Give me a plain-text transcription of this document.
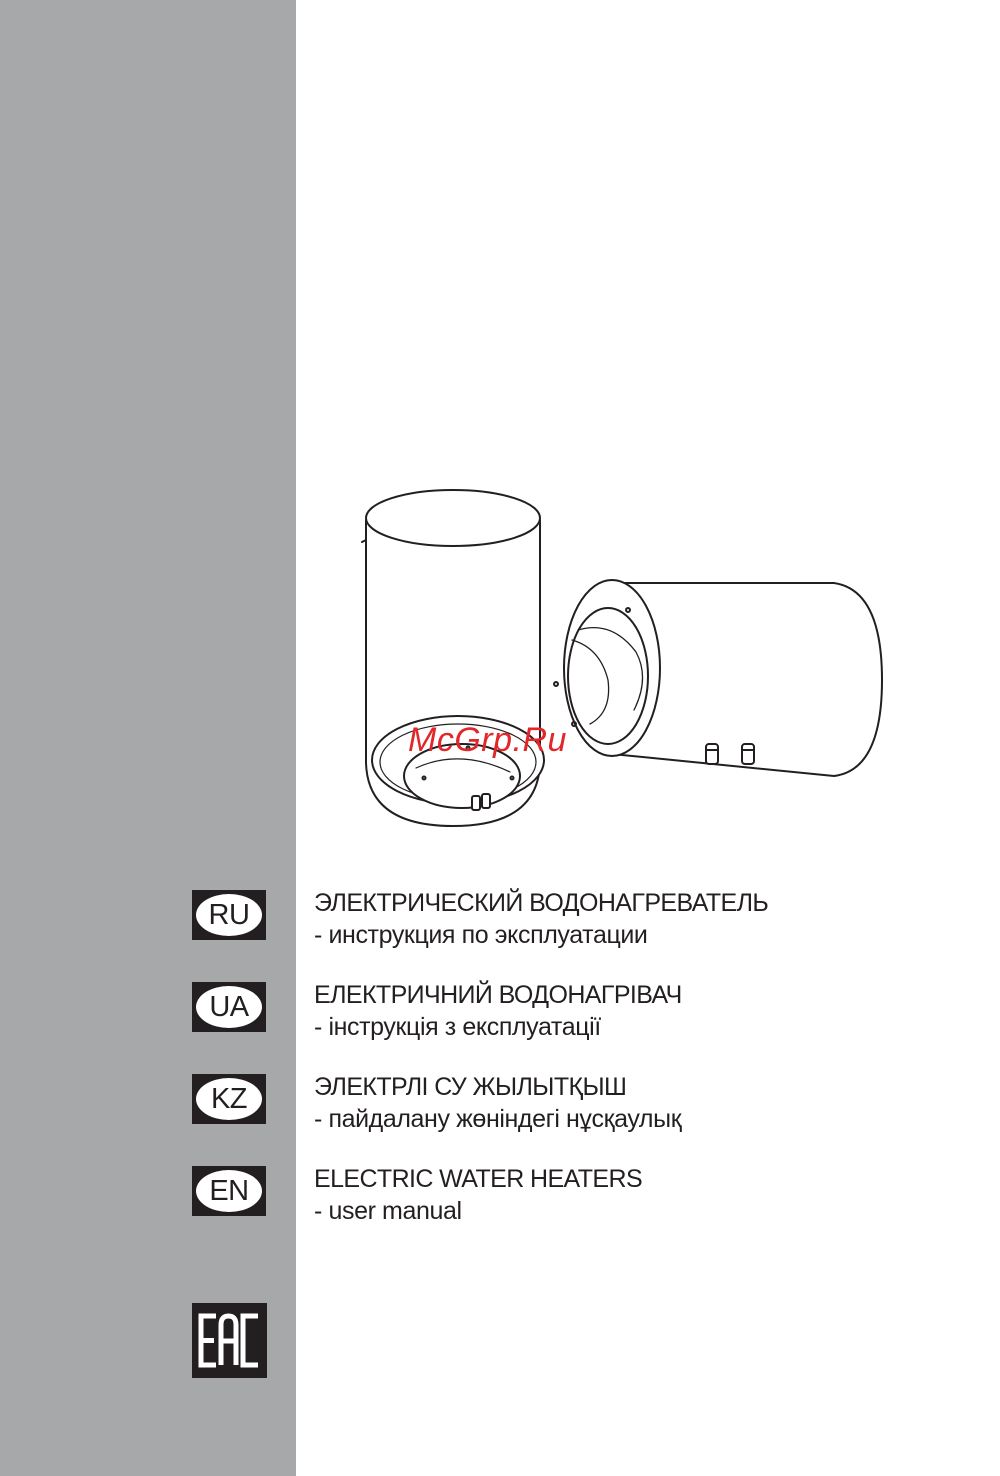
McGrp.Ru
RU	ЭЛЕКТРИЧЕСКИЙ ВОДОНАГРЕВАТЕЛЬ
- инструкция по эксплуатации
UA	ЕЛЕКТРИЧНИЙ ВОДОНАГРІВАЧ
- інструкція з експлуатації
KZ	ЭЛЕКТРЛІ СУ ЖЫЛЫТҚЫШ
- пайдалану жөніндегі нұсқаулық
EN	ELECTRIC WATER HEATERS
- user manual
